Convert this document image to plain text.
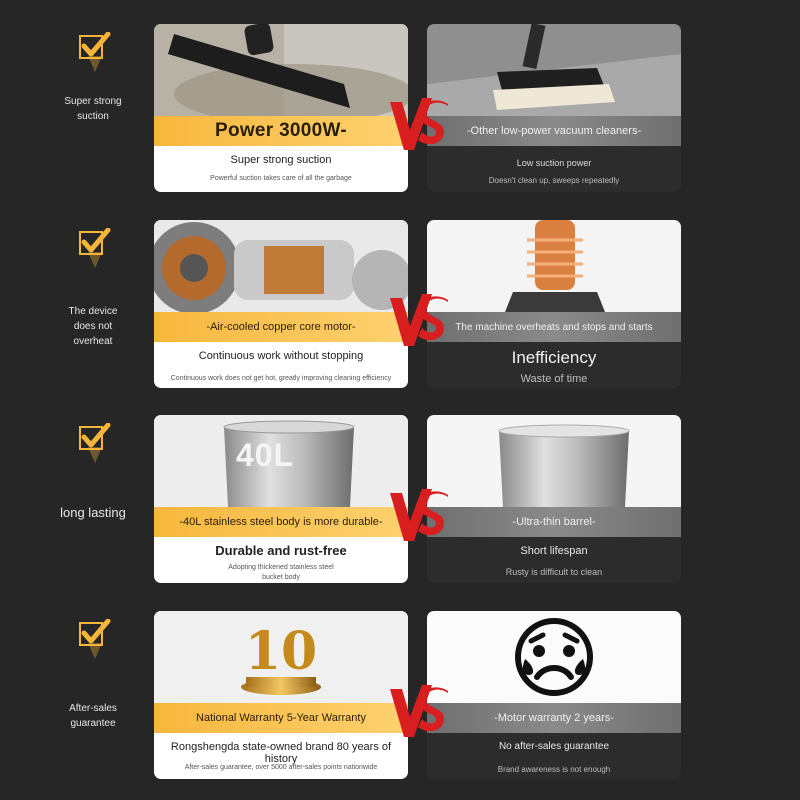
Super strong suction
Power 3000W-
Super strong suction
Powerful suction takes care of all the garbage
-Other low-power vacuum cleaners-
Low suction power
Doesn't clean up, sweeps repeatedly
The device does not overheat
-Air-cooled copper core motor-
Continuous work without stopping
Continuous work does not get hot, greatly improving cleaning efficiency
The machine overheats and stops and starts
Inefficiency
Waste of time
long lasting
40L
-40L stainless steel body is more durable-
Durable and rust-free
Adopting thickened stainless steel bucket body
-Ultra-thin barrel-
Short lifespan
Rusty is difficult to clean
After-sales guarantee
10
National Warranty 5-Year Warranty
Rongshengda state-owned brand 80 years of history
After-sales guarantee, over 5000 after-sales points nationwide
-Motor warranty 2 years-
No after-sales guarantee
Brand awareness is not enough
